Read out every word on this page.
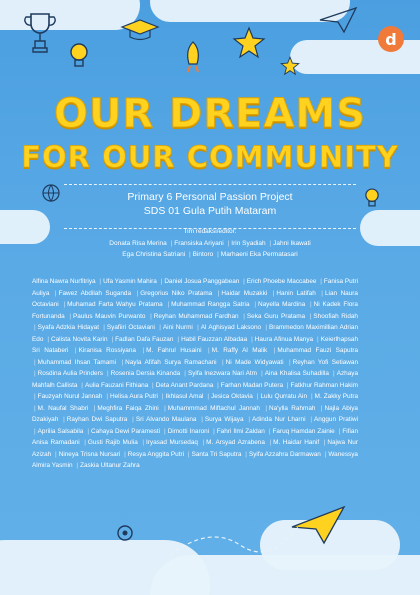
d
OUR DREAMS
FOR OUR COMMUNITY
Primary 6 Personal Passion Project
SDS 01 Gula Putih Mataram
Tim redaksi/editor:
Donata Risa Merina | Fransiska Ariyani | Irin Syadiah | Jahni Ikawati
Ega Christina Satriani | Bintoro | Marhaeni Eka Permatasari
Alfina Nawra Nurfitriya | Ufa Yasmin Mahira | Daniel Josua Panggabean | Erich Phoebe Maccabee | Fanisa Putri Auliya | Fawez Abdilah Suganda | Gregorius Niko Pratama | Haidar Muzakki | Hanin Latifah | Lian Naura Octaviani | Muhamad Farta Wahyu Pratama | Muhammad Rangga Satria | Nayella Mardina | Ni Kadek Flora Fortunanda | Paulus Mauvin Purwanto | Reyhan Muhammad Fardhan | Seka Guru Pratama | Shoofiah Ridah | Syafa Adzkia Hidayat | Syafiiri Octaviani | Aini Nurmi | Al Aghisyad Laksono | Brammedon Maximillian Adrian Edo | Calista Novita Karin | Fadlan Dafa Fauzan | Habil Fauzzan Albadaa | Haura Afinua Manya | Keierlhapsah Sri Nataberi | Kiranisa Rossiyana | M. Fahrul Husaini | M. Raffy Al Malik | Muhammad Fauzi Saputra | Muhammad Ihsan Tamami | Nayla Afifah Surya Ramachani | Ni Made Widyawati | Reyhan Yofi Setiawan | Rosdina Aulia Prinders | Rosenia Dersia Kinanda | Syifa Inezwara Nari Atm | Aina Khalisa Suhadilla | Azhaya Mahfalh Callista | Aulia Fauzani Fithiana | Deta Anant Pardana | Farhan Madan Putera | Fatkhur Rahman Hakim | Fauzyah Nurul Jannah | Helisa Aura Putri | Ikhlasul Amal | Jesica Oktavia | Lulu Qurratu Ain | M. Zakky Putra | M. Naufal Shabri | Meghfira Faiqa Zhini | Muhammmad Miftachul Jannah | Na'ylla Rahmah | Najla Abiya Dzakiyah | Rayhan Dwi Saputra | Sri Alvando Maulana | Surya Wijaya | Adinda Nur Lharni | Anggun Pratiwi | Aprilia Salsabila | Cahaya Dewi Paramesti | Dimotti Inaroni | Fahri Ilmi Zaldan | Faruq Hamdan Zainie | Fifian Anisa Ramadani | Gusti Rajib Mulia | Iryasad Mursedaq | M. Arsyad Azrabena | M. Haidar Hanif | Najwa Nur Azizah | Nineya Trisna Nursari | Resya Anggita Putri | Santa Tri Saputra | Syifa Azzahra Darmawan | Wanessya Almira Yasmin | Zaskia Ultanur Zahra
